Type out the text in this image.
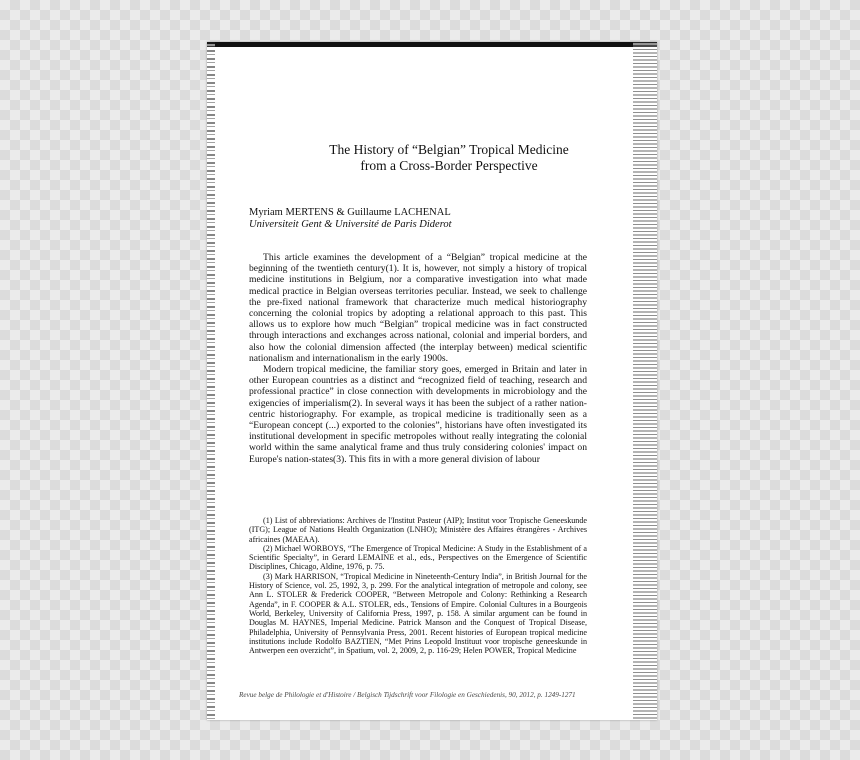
The History of “Belgian” Tropical Medicine
from a Cross-Border Perspective
Myriam MERTENS & Guillaume LACHENAL
Universiteit Gent & Université de Paris Diderot

This article examines the development of a “Belgian” tropical medicine at the beginning of the twentieth century(1). It is, however, not simply a history of tropical medicine institutions in Belgium, nor a comparative investigation into what made medical practice in Belgian overseas territories peculiar. Instead, we seek to challenge the pre-fixed national framework that characterize much medical historiography concerning the colonial tropics by adopting a relational approach to this past. This allows us to explore how much “Belgian” tropical medicine was in fact constructed through interactions and exchanges across national, colonial and imperial borders, and also how the colonial dimension affected (the interplay between) medical scientific nationalism and internationalism in the early 1900s.

Modern tropical medicine, the familiar story goes, emerged in Britain and later in other European countries as a distinct and “recognized field of teaching, research and professional practice” in close connection with developments in microbiology and the exigencies of imperialism(2). In several ways it has been the subject of a rather nation-centric historiography. For example, as tropical medicine is traditionally seen as a “European concept (...) exported to the colonies”, historians have often investigated its institutional development in specific metropoles without really integrating the colonial world within the same analytical frame and thus truly considering colonies' impact on Europe's nation-states(3). This fits in with a more general division of labour

(1) List of abbreviations: Archives de l'Institut Pasteur (AIP); Institut voor Tropische Geneeskunde (ITG); League of Nations Health Organization (LNHO); Ministère des Affaires étrangères - Archives africaines (MAEAA).

(2) Michael WORBOYS, “The Emergence of Tropical Medicine: A Study in the Establishment of a Scientific Specialty”, in Gerard LEMAINE et al., eds., Perspectives on the Emergence of Scientific Disciplines, Chicago, Aldine, 1976, p. 75.

(3) Mark HARRISON, “Tropical Medicine in Nineteenth-Century India”, in British Journal for the History of Science, vol. 25, 1992, 3, p. 299. For the analytical integration of metropole and colony, see Ann L. STOLER & Frederick COOPER, “Between Metropole and Colony: Rethinking a Research Agenda”, in F. COOPER & A.L. STOLER, eds., Tensions of Empire. Colonial Cultures in a Bourgeois World, Berkeley, University of California Press, 1997, p. 158. A similar argument can be found in Douglas M. HAYNES, Imperial Medicine. Patrick Manson and the Conquest of Tropical Disease, Philadelphia, University of Pennsylvania Press, 2001. Recent histories of European tropical medicine institutions include Rodolfo BAZTIEN, “Met Prins Leopold Instituut voor tropische geneeskunde in Antwerpen een overzicht”, in Spatium, vol. 2, 2009, 2, p. 116-29; Helen POWER, Tropical Medicine

Revue belge de Philologie et d'Histoire / Belgisch Tijdschrift voor Filologie en Geschiedenis, 90, 2012, p. 1249-1271
